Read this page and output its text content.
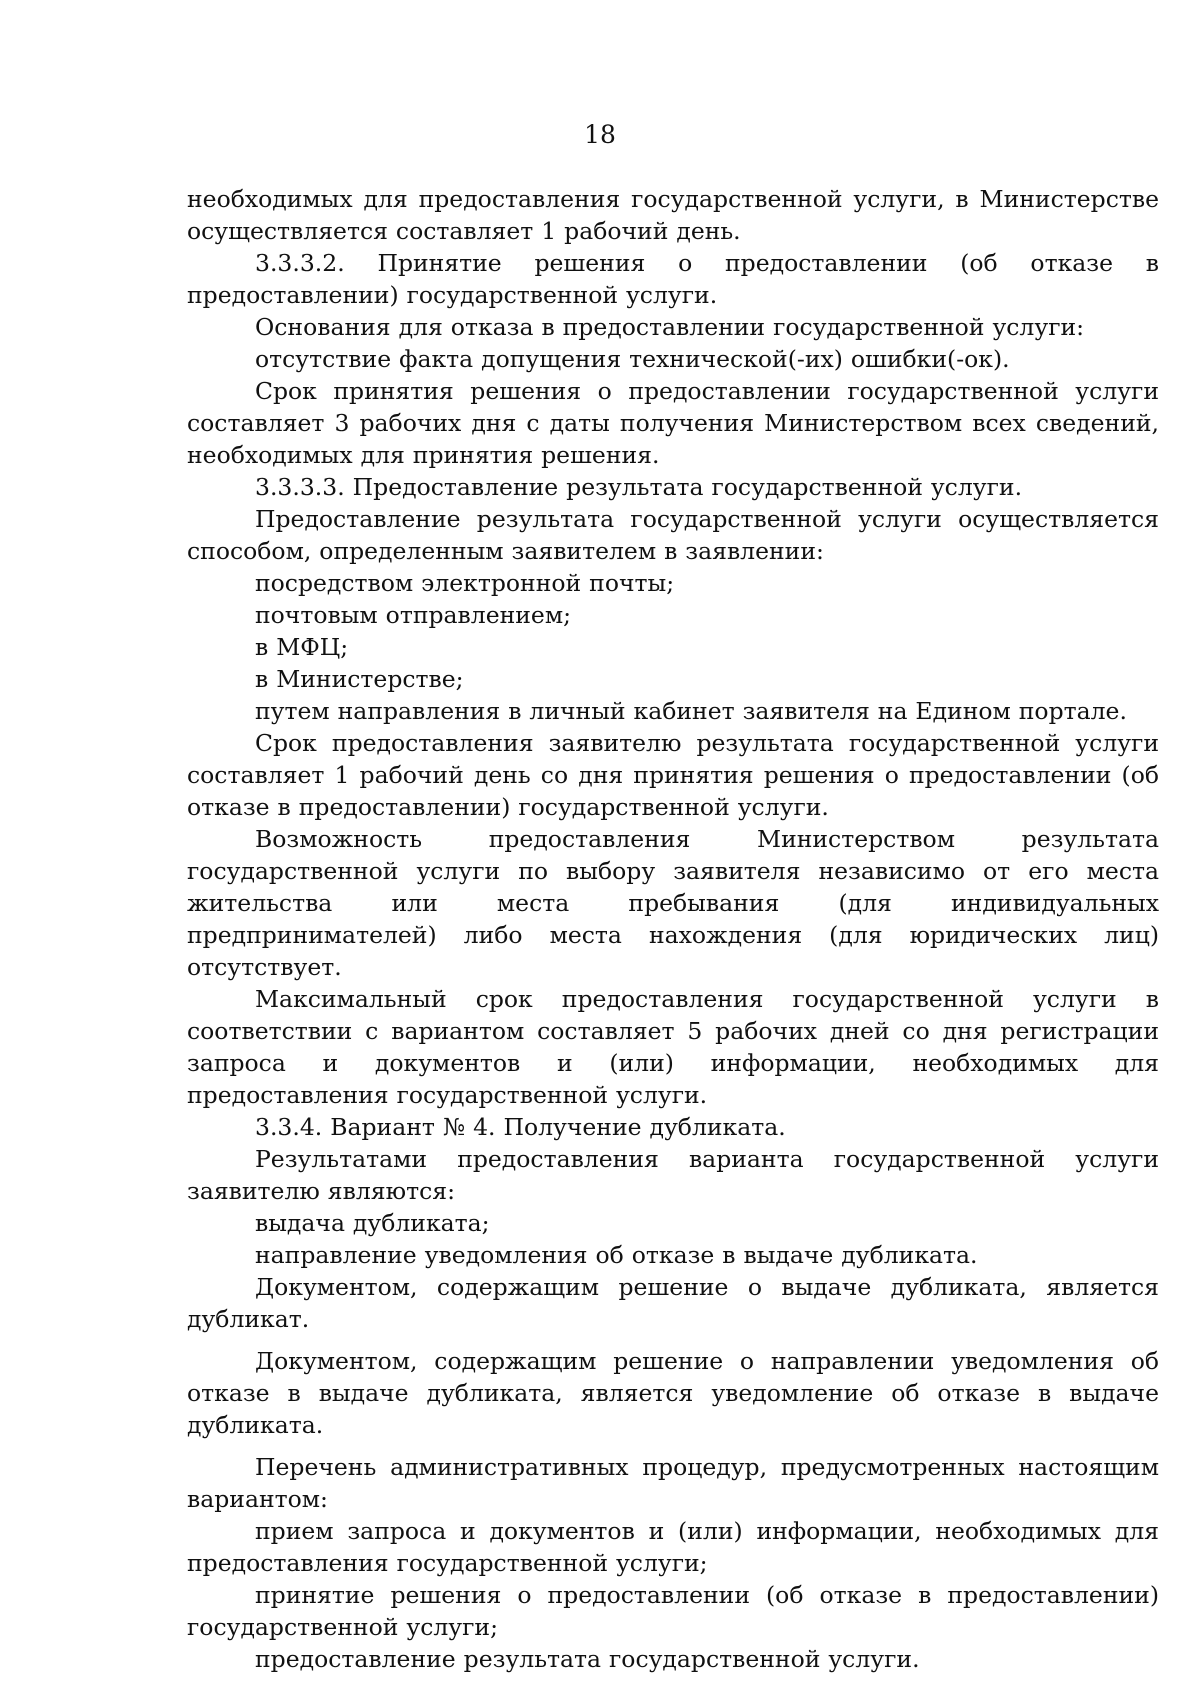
18

необходимых для предоставления государственной услуги, в Министерстве осуществляется составляет 1 рабочий день.

3.3.3.2. Принятие решения о предоставлении (об отказе в предоставлении) государственной услуги.

Основания для отказа в предоставлении государственной услуги:

отсутствие факта допущения технической(-их) ошибки(-ок).

Срок принятия решения о предоставлении государственной услуги составляет 3 рабочих дня с даты получения Министерством всех сведений, необходимых для принятия решения.

3.3.3.3. Предоставление результата государственной услуги.

Предоставление результата государственной услуги осуществляется способом, определенным заявителем в заявлении:

посредством электронной почты;

почтовым отправлением;

в МФЦ;

в Министерстве;

путем направления в личный кабинет заявителя на Едином портале.

Срок предоставления заявителю результата государственной услуги составляет 1 рабочий день со дня принятия решения о предоставлении (об отказе в предоставлении) государственной услуги.

Возможность предоставления Министерством результата государственной услуги по выбору заявителя независимо от его места жительства или места пребывания (для индивидуальных предпринимателей) либо места нахождения (для юридических лиц) отсутствует.

Максимальный срок предоставления государственной услуги в соответствии с вариантом составляет 5 рабочих дней со дня регистрации запроса и документов и (или) информации, необходимых для предоставления государственной услуги.

3.3.4. Вариант № 4. Получение дубликата.

Результатами предоставления варианта государственной услуги заявителю являются:

выдача дубликата;

направление уведомления об отказе в выдаче дубликата.

Документом, содержащим решение о выдаче дубликата, является дубликат.

Документом, содержащим решение о направлении уведомления об отказе в выдаче дубликата, является уведомление об отказе в выдаче дубликата.

Перечень административных процедур, предусмотренных настоящим вариантом:

прием запроса и документов и (или) информации, необходимых для предоставления государственной услуги;

принятие решения о предоставлении (об отказе в предоставлении) государственной услуги;

предоставление результата государственной услуги.
